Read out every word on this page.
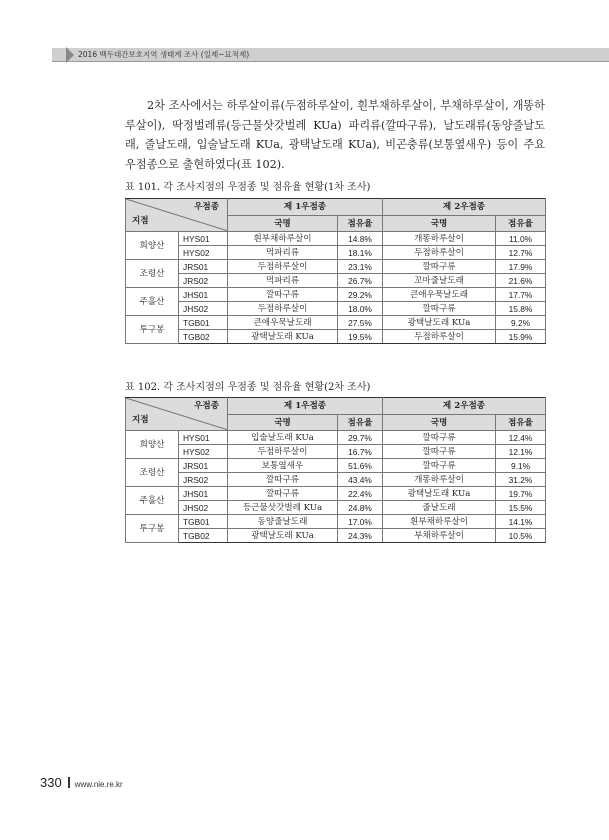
2016 백두대간보호지역 생태계 조사 (일제~묘적제)

2차 조사에서는 하루살이류(두점하루살이, 흰부채하루살이, 부채하루살이, 개똥하루살이), 딱정벌레류(등근물삿갓벌레 KUa) 파리류(깔따구류), 날도래류(동양줄날도래, 줄날도래, 입술날도래 KUa, 광택날도래 KUa), 비곤충류(보통옆새우) 등이 주요 우점종으로 출현하였다(표 102).

표 101. 각 조사지점의 우점종 및 점유율 현황(1차 조사)
우점종
지점		제 1우점종		제 2우점종	
		국명	점유율	국명	점유율
희양산	HYS01	흰부채하루살이	14.8%	개똥하루살이	11.0%
	HYS02	먹파리류	18.1%	두점하루살이	12.7%
조령산	JRS01	두점하루살이	23.1%	깔따구류	17.9%
	JRS02	먹파리류	26.7%	꼬마줄날도래	21.6%
주흘산	JHS01	깔따구류	29.2%	큰애우묵날도래	17.7%
	JHS02	두점하루살이	18.0%	깔따구류	15.8%
투구봉	TGB01	큰애우묵날도래	27.5%	광택날도래 KUa	9.2%
	TGB02	광택날도래 KUa	19.5%	두점하루살이	15.9%
표 102. 각 조사지점의 우점종 및 점유율 현황(2차 조사)
우점종
지점		제 1우점종		제 2우점종	
		국명	점유율	국명	점유율
희양산	HYS01	입술날도래 KUa	29.7%	깔따구류	12.4%
	HYS02	두점하루살이	16.7%	깔따구류	12.1%
조령산	JRS01	보통옆새우	51.6%	깔따구류	9.1%
	JRS02	깔따구류	43.4%	개똥하루살이	31.2%
주흘산	JHS01	깔따구류	22.4%	광택날도래 KUa	19.7%
	JHS02	등근물삿갓벌레 KUa	24.8%	줄날도래	15.5%
투구봉	TGB01	동양줄날도래	17.0%	흰부채하루살이	14.1%
	TGB02	광택날도래 KUa	24.3%	부채하루살이	10.5%
330 www.nie.re.kr
